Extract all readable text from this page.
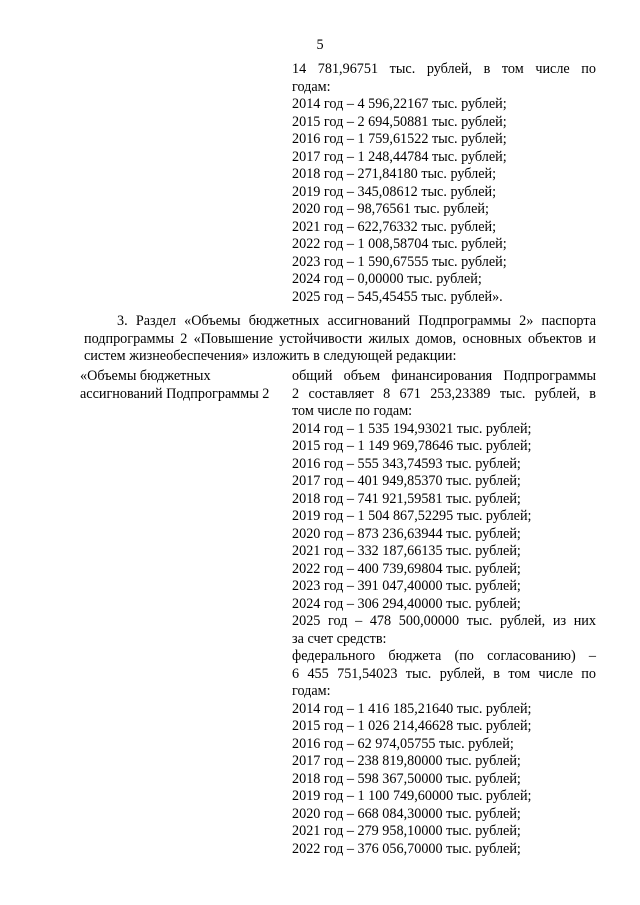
5
14 781,96751 тыс. рублей, в том числе по
годам:
2014 год – 4 596,22167 тыс. рублей;
2015 год – 2 694,50881 тыс. рублей;
2016 год – 1 759,61522 тыс. рублей;
2017 год – 1 248,44784 тыс. рублей;
2018 год – 271,84180 тыс. рублей;
2019 год – 345,08612 тыс. рублей;
2020 год – 98,76561 тыс. рублей;
2021 год – 622,76332 тыс. рублей;
2022 год – 1 008,58704 тыс. рублей;
2023 год – 1 590,67555 тыс. рублей;
2024 год – 0,00000 тыс. рублей;
2025 год – 545,45455 тыс. рублей».
3. Раздел «Объемы бюджетных ассигнований Подпрограммы 2» паспорта
подпрограммы 2 «Повышение устойчивости жилых домов, основных объектов и
систем жизнеобеспечения» изложить в следующей редакции:
«Объемы бюджетных
ассигнований Подпрограммы 2
общий объем финансирования Подпрограммы
2 составляет 8 671 253,23389 тыс. рублей, в
том числе по годам:
2014 год – 1 535 194,93021 тыс. рублей;
2015 год – 1 149 969,78646 тыс. рублей;
2016 год – 555 343,74593 тыс. рублей;
2017 год – 401 949,85370 тыс. рублей;
2018 год – 741 921,59581 тыс. рублей;
2019 год – 1 504 867,52295 тыс. рублей;
2020 год – 873 236,63944 тыс. рублей;
2021 год – 332 187,66135 тыс. рублей;
2022 год – 400 739,69804 тыс. рублей;
2023 год – 391 047,40000 тыс. рублей;
2024 год – 306 294,40000 тыс. рублей;
2025 год – 478 500,00000 тыс. рублей, из них
за счет средств:
федерального бюджета (по согласованию) –
6 455 751,54023 тыс. рублей, в том числе по
годам:
2014 год – 1 416 185,21640 тыс. рублей;
2015 год – 1 026 214,46628 тыс. рублей;
2016 год – 62 974,05755 тыс. рублей;
2017 год – 238 819,80000 тыс. рублей;
2018 год – 598 367,50000 тыс. рублей;
2019 год – 1 100 749,60000 тыс. рублей;
2020 год – 668 084,30000 тыс. рублей;
2021 год – 279 958,10000 тыс. рублей;
2022 год – 376 056,70000 тыс. рублей;
